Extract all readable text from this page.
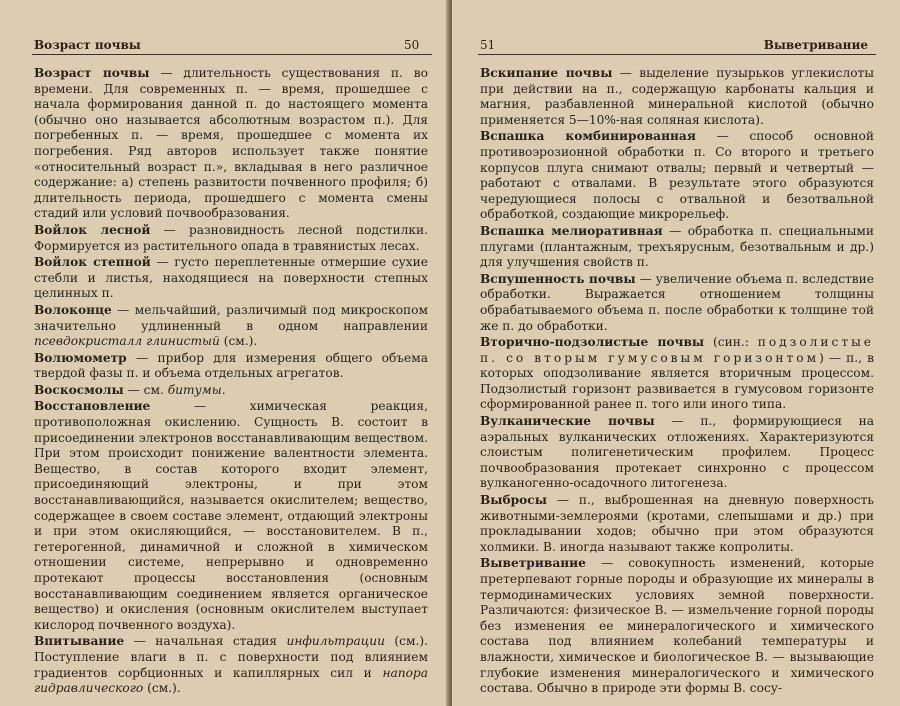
Возраст почвы	50

Возраст почвы — длительность существования п. во времени. Для современных п. — время, прошедшее с начала формирования данной п. до настоящего момента (обычно оно называется абсолютным возрастом п.). Для погребенных п. — время, прошедшее с момента их погребения. Ряд авторов использует также понятие «относительный возраст п.», вкладывая в него различное содержание: а) степень развитости почвенного профиля; б) длительность периода, прошедшего с момента смены стадий или условий почвообразования.

Войлок лесной — разновидность лесной подстилки. Формируется из растительного опада в травянистых лесах.

Войлок степной — густо переплетенные отмершие сухие стебли и листья, находящиеся на поверхности степных целинных п.

Волоконце — мельчайший, различимый под микроскопом значительно удлиненный в одном направлении псевдокристалл глинистый (см.).

Волюмометр — прибор для измерения общего объема твердой фазы п. и объема отдельных агрегатов.

Воскосмолы — см. битумы.

Восстановление — химическая реакция, противоположная окислению. Сущность В. состоит в присоединении электронов восстанавливающим веществом. При этом происходит понижение валентности элемента. Вещество, в состав которого входит элемент, присоединяющий электроны, и при этом восстанавливающийся, называется окислителем; вещество, содержащее в своем составе элемент, отдающий электроны и при этом окисляющийся, — восстановителем. В п., гетерогенной, динамичной и сложной в химическом отношении системе, непрерывно и одновременно протекают процессы восстановления (основным восстанавливающим соединением является органическое вещество) и окисления (основным окислителем выступает кислород почвенного воздуха).

Впитывание — начальная стадия инфильтрации (см.). Поступление влаги в п. с поверхности под влиянием градиентов сорбционных и капиллярных сил и напора гидравлического (см.).

51	Выветривание

Вскипание почвы — выделение пузырьков углекислоты при действии на п., содержащую карбонаты кальция и магния, разбавленной минеральной кислотой (обычно применяется 5—10%-ная соляная кислота).

Вспашка комбинированная — способ основной противоэрозионной обработки п. Со второго и третьего корпусов плуга снимают отвалы; первый и четвертый — работают с отвалами. В результате этого образуются чередующиеся полосы с отвальной и безотвальной обработкой, создающие микрорельеф.

Вспашка мелиоративная — обработка п. специальными плугами (плантажным, трехъярусным, безотвальным и др.) для улучшения свойств п.

Вспушенность почвы — увеличение объема п. вследствие обработки. Выражается отношением толщины обрабатываемого объема п. после обработки к толщине той же п. до обработки.

Вторично-подзолистые почвы (син.: подзолистые п. со вторым гумусовым горизонтом) — п., в которых оподзоливание является вторичным процессом. Подзолистый горизонт развивается в гумусовом горизонте сформированной ранее п. того или иного типа.

Вулканические почвы — п., формирующиеся на аэральных вулканических отложениях. Характеризуются слоистым полигенетическим профилем. Процесс почвообразования протекает синхронно с процессом вулканогенно-осадочного литогенеза.

Выбросы — п., выброшенная на дневную поверхность животными-землероями (кротами, слепышами и др.) при прокладывании ходов; обычно при этом образуются холмики. В. иногда называют также копролиты.

Выветривание — совокупность изменений, которые претерпевают горные породы и образующие их минералы в термодинамических условиях земной поверхности. Различаются: физическое В. — измельчение горной породы без изменения ее минералогического и химического состава под влиянием колебаний температуры и влажности, химическое и биологическое В. — вызывающие глубокие изменения минералогического и химического состава. Обычно в природе эти формы В. сосу-
